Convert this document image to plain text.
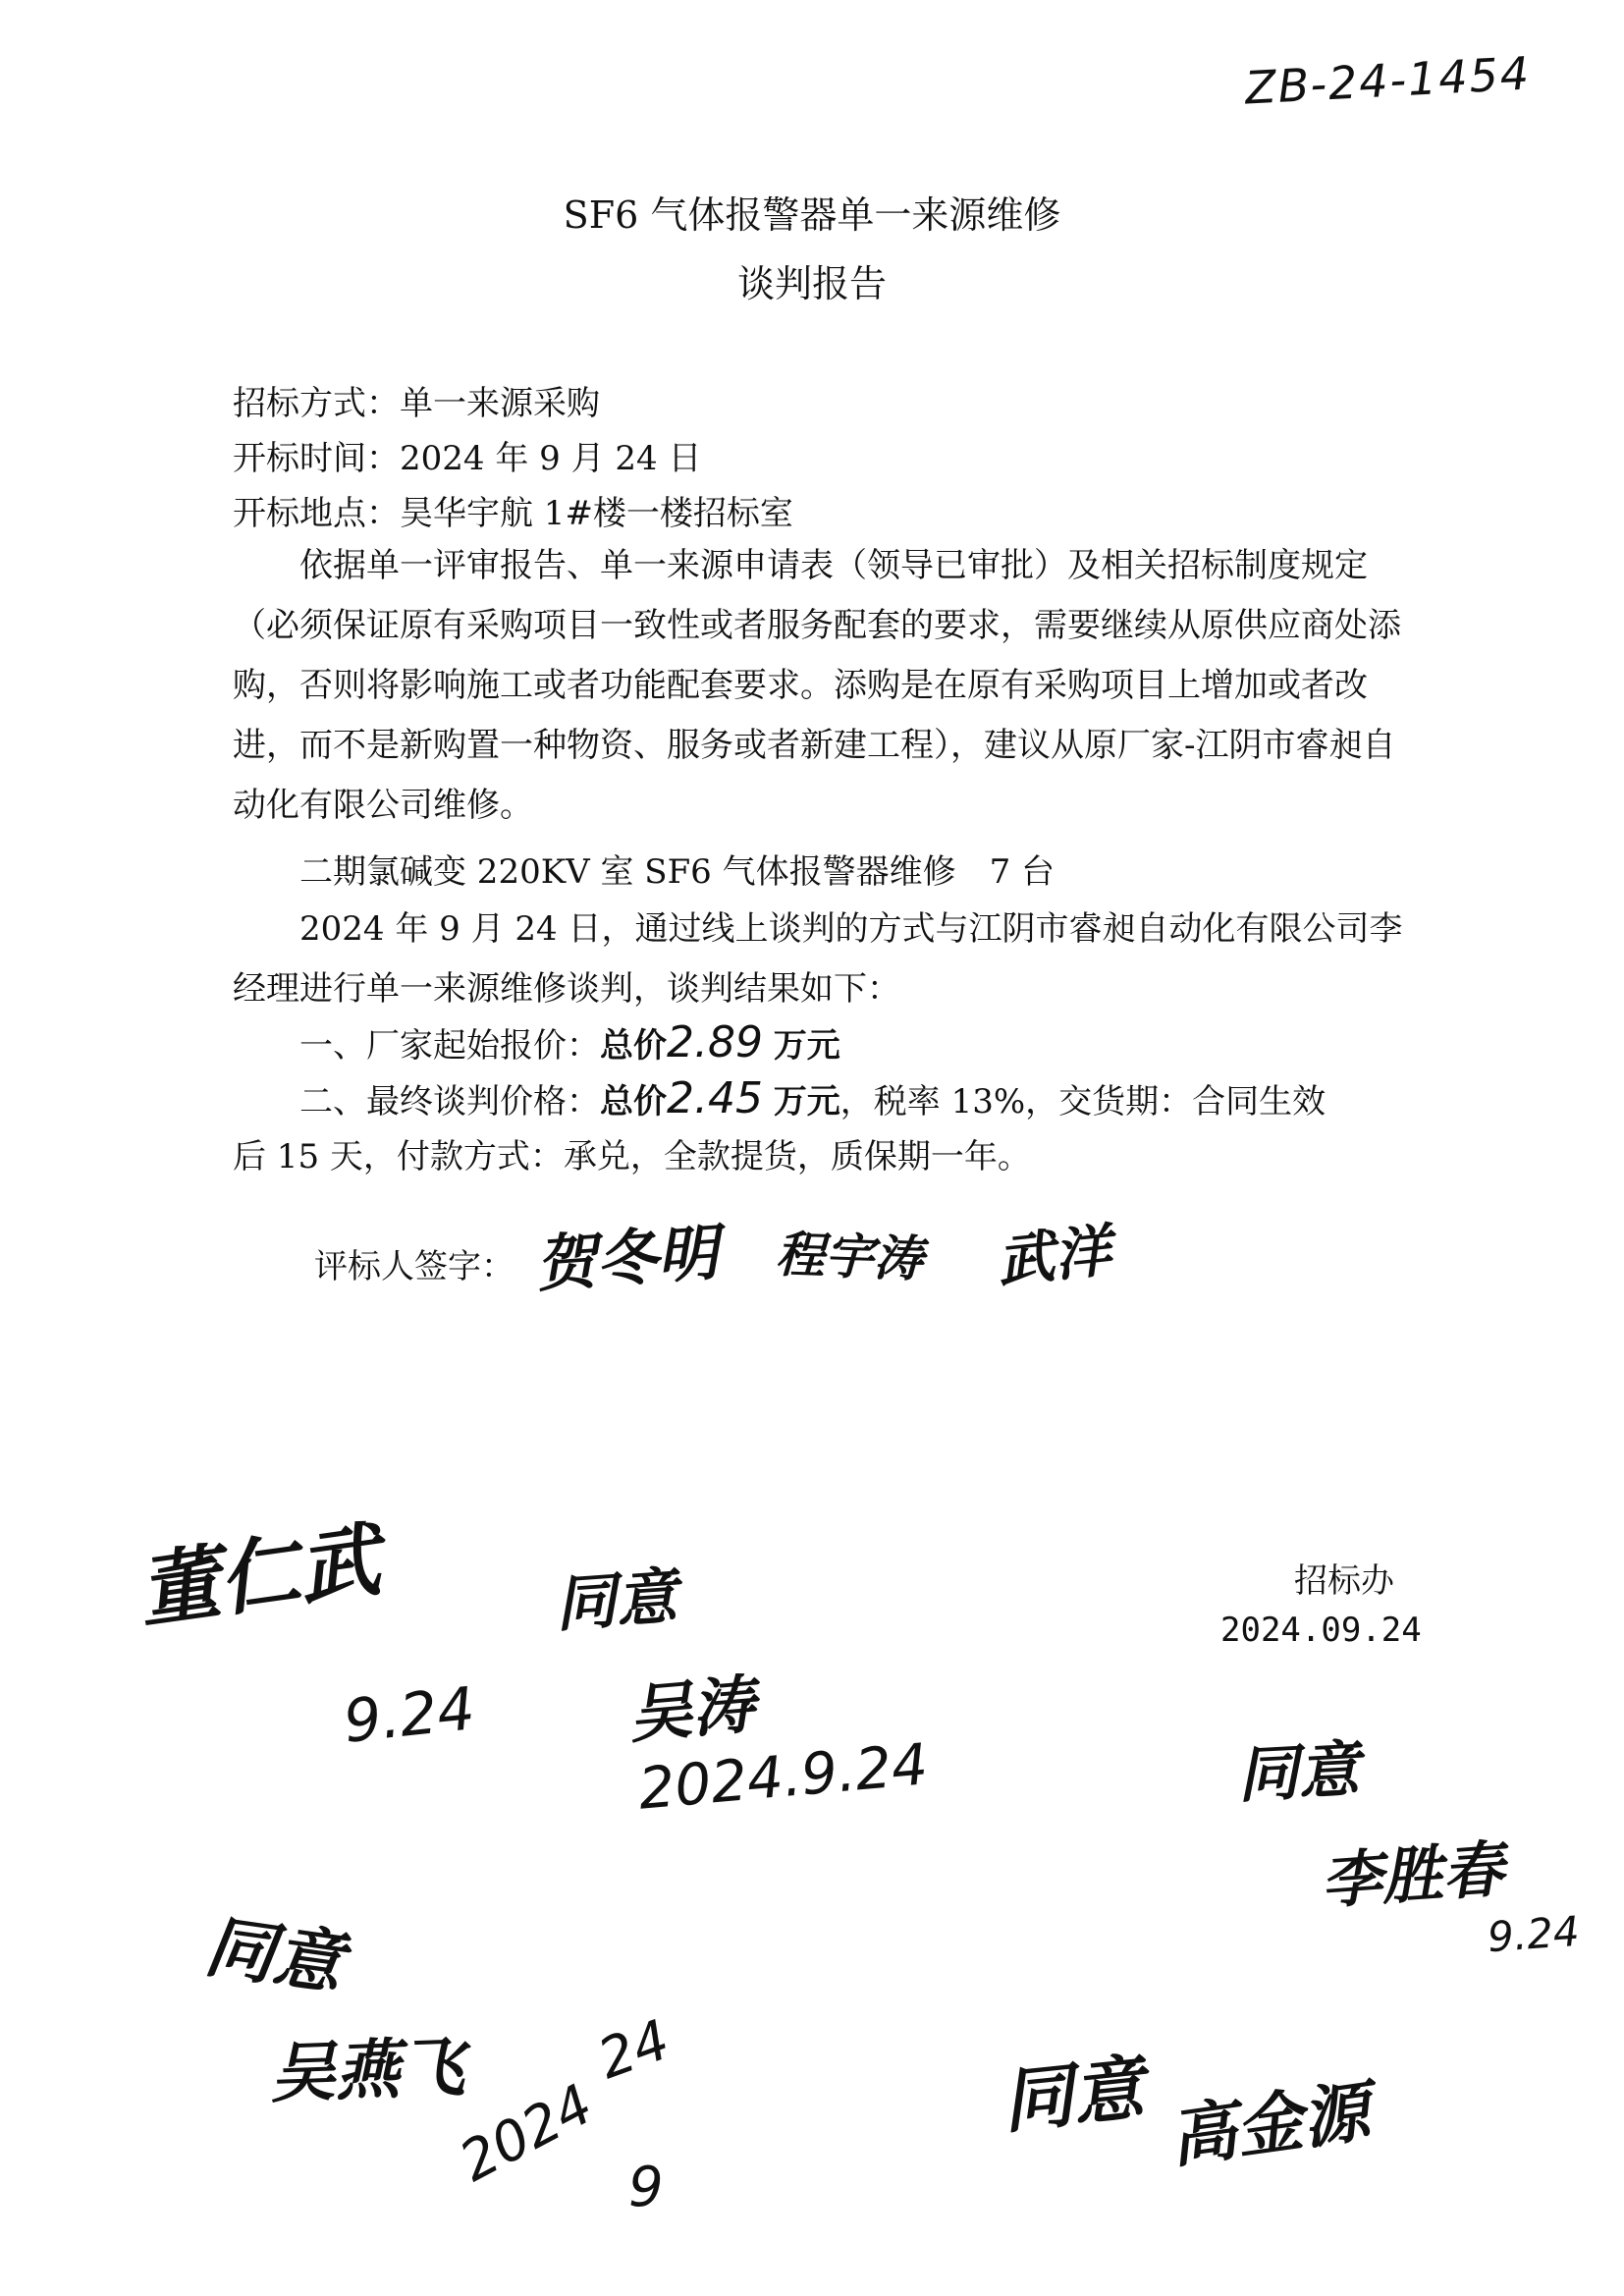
ZB-24-1454
SF6 气体报警器单一来源维修
谈判报告
招标方式：单一来源采购
开标时间：2024 年 9 月 24 日
开标地点：昊华宇航 1#楼一楼招标室
依据单一评审报告、单一来源申请表（领导已审批）及相关招标制度规定（必须保证原有采购项目一致性或者服务配套的要求，需要继续从原供应商处添购，否则将影响施工或者功能配套要求。添购是在原有采购项目上增加或者改进，而不是新购置一种物资、服务或者新建工程），建议从原厂家-江阴市睿昶自动化有限公司维修。
二期氯碱变 220KV 室 SF6 气体报警器维修　7 台
2024 年 9 月 24 日，通过线上谈判的方式与江阴市睿昶自动化有限公司李经理进行单一来源维修谈判，谈判结果如下：
一、厂家起始报价：总价2.89 万元
二、最终谈判价格：总价2.45 万元，税率 13%，交货期：合同生效
后 15 天，付款方式：承兑，全款提货，质保期一年。
评标人签字： 贺冬明 程宇涛 武洋
招标办
2024.09.24
董仁武
9.24
同意
吴涛
2024.9.24	同意
李胜春
9.24
同意
吴燕飞
2024 9
24	同意 高金源
